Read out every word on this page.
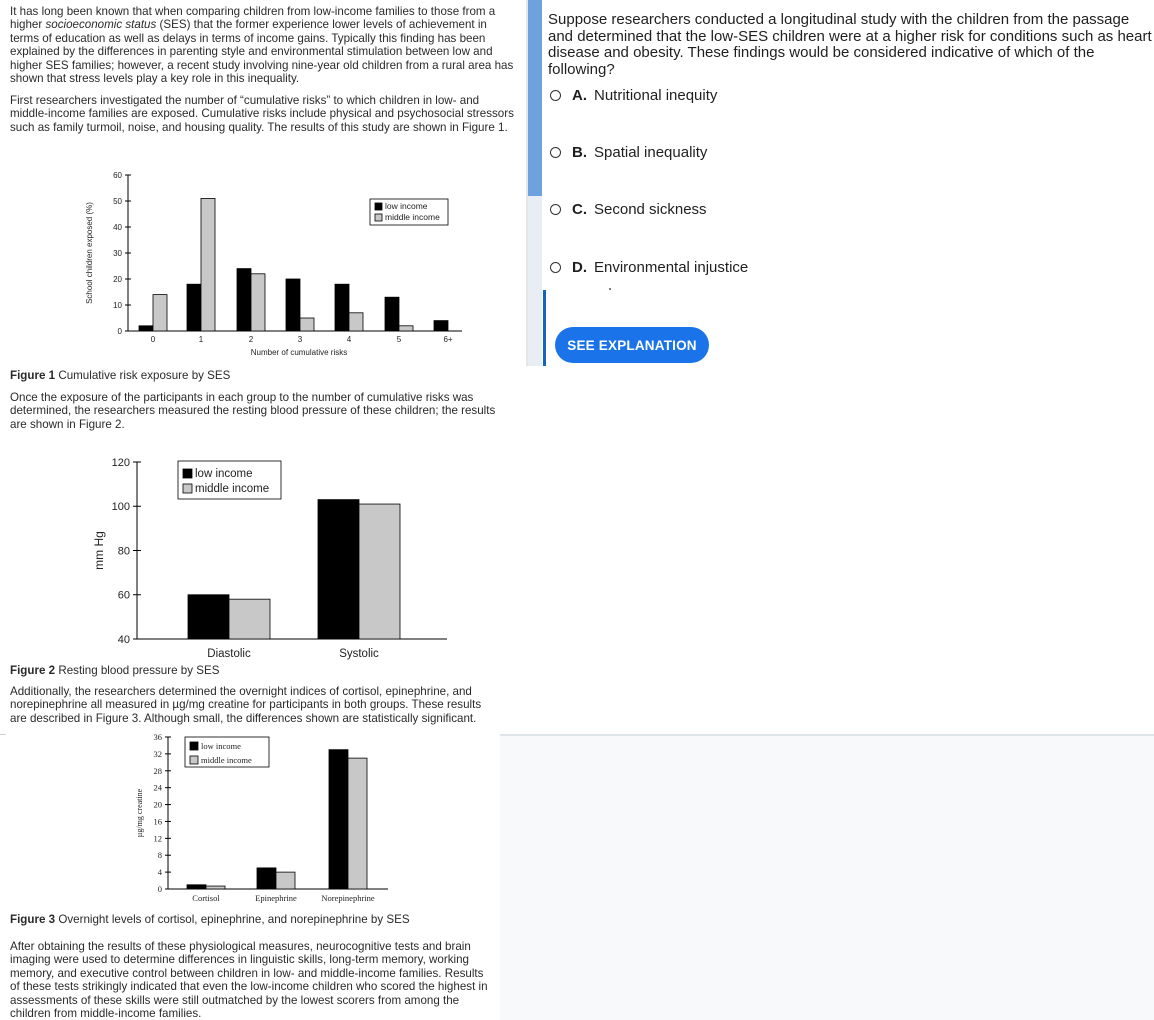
It has long been known that when comparing children from low-income families to those from a higher socioeconomic status (SES) that the former experience lower levels of achievement in terms of education as well as delays in terms of income gains. Typically this finding has been explained by the differences in parenting style and environmental stimulation between low and higher SES families; however, a recent study involving nine-year old children from a rural area has shown that stress levels play a key role in this inequality.

First researchers investigated the number of “cumulative risks” to which children in low- and middle-income families are exposed. Cumulative risks include physical and psychosocial stressors such as family turmoil, noise, and housing quality. The results of this study are shown in Figure 1.

0
10
20
30
40
50
60
School children exposed (%)
0	1	2	3	4	5	6+
Number of cumulative risks
low income
middle income
Figure 1 Cumulative risk exposure by SES

Once the exposure of the participants in each group to the number of cumulative risks was determined, the researchers measured the resting blood pressure of these children; the results are shown in Figure 2.

40
60
80
100
120
mm Hg
Diastolic	Systolic
low income
middle income
Figure 2 Resting blood pressure by SES

Additionally, the researchers determined the overnight indices of cortisol, epinephrine, and norepinephrine all measured in µg/mg creatine for participants in both groups. These results are described in Figure 3. Although small, the differences shown are statistically significant.

0
4
8
12
16
20
24
28
32
36
µg/mg creatine
Cortisol	Epinephrine	Norepinephrine
low income
middle income
Figure 3 Overnight levels of cortisol, epinephrine, and norepinephrine by SES

After obtaining the results of these physiological measures, neurocognitive tests and brain imaging were used to determine differences in linguistic skills, long-term memory, working memory, and executive control between children in low- and middle-income families. Results of these tests strikingly indicated that even the low-income children who scored the highest in assessments of these skills were still outmatched by the lowest scorers from among the children from middle-income families.

Suppose researchers conducted a longitudinal study with the children from the passage and determined that the low-SES children were at a higher risk for conditions such as heart disease and obesity. These findings would be considered indicative of which of the following?

A. Nutritional inequity
B. Spatial inequality
C. Second sickness
D. Environmental injustice
SEE EXPLANATION
